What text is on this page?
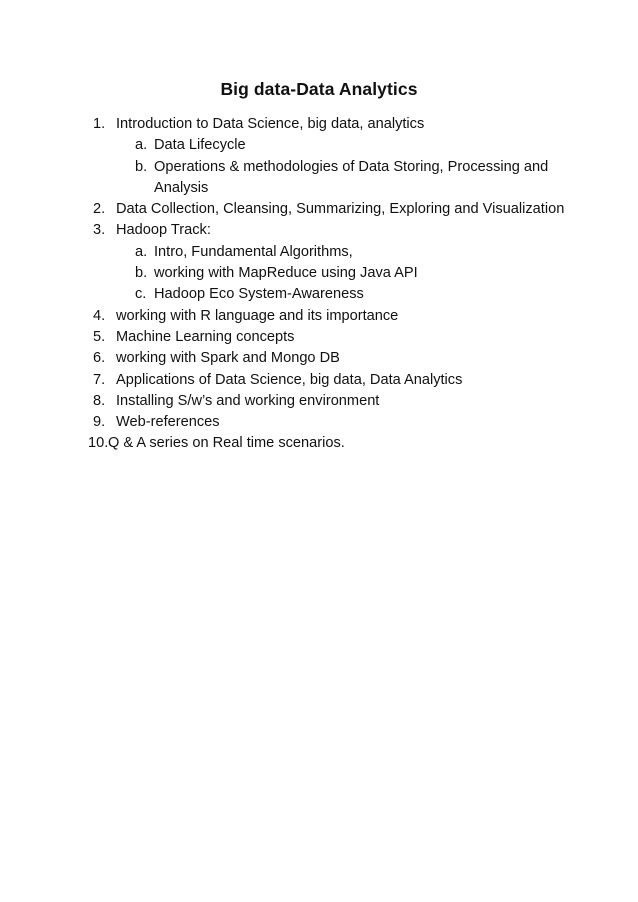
Big data-Data Analytics
1. Introduction to Data Science, big data, analytics
a. Data Lifecycle
b. Operations & methodologies of Data Storing, Processing and Analysis
2. Data Collection, Cleansing, Summarizing, Exploring and Visualization
3. Hadoop Track:
a. Intro, Fundamental Algorithms,
b. working with MapReduce using Java API
c. Hadoop Eco System-Awareness
4. working with R language and its importance
5. Machine Learning concepts
6. working with Spark and Mongo DB
7. Applications of Data Science, big data, Data Analytics
8. Installing S/w’s and working environment
9. Web-references
10. Q & A series on Real time scenarios.
